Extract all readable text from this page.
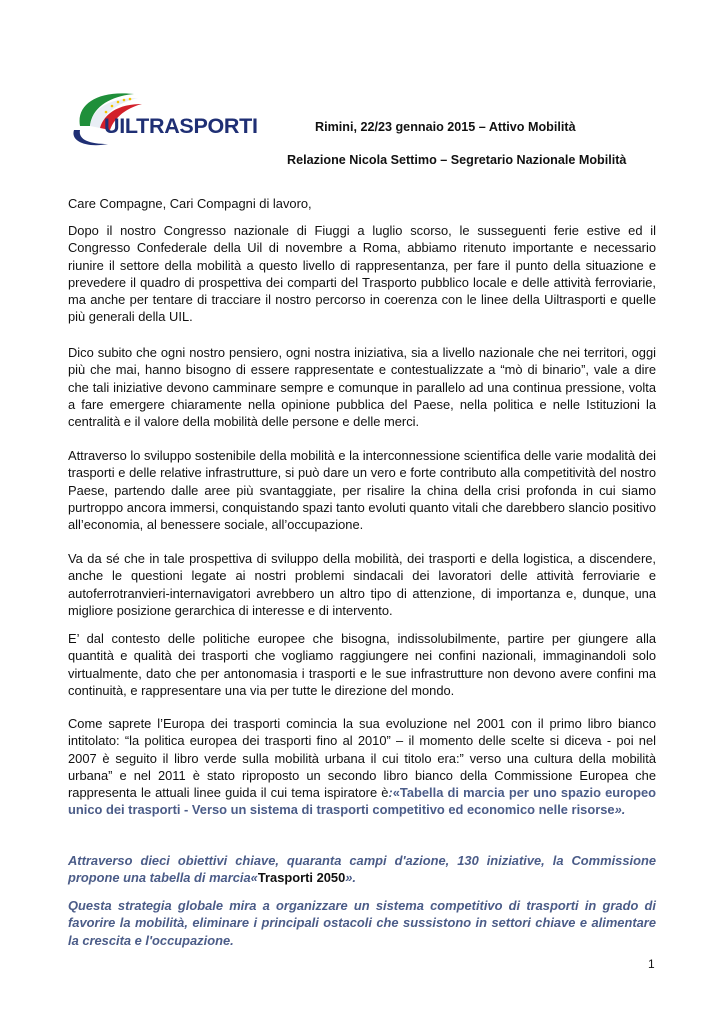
UILTRASPORTI	Rimini, 22/23 gennaio 2015 – Attivo Mobilità
Relazione Nicola Settimo – Segretario Nazionale Mobilità
Care Compagne, Cari Compagni di lavoro,

Dopo il nostro Congresso nazionale di Fiuggi a luglio scorso, le susseguenti ferie estive ed il Congresso Confederale della Uil di novembre a Roma, abbiamo ritenuto importante e necessario riunire il settore della mobilità a questo livello di rappresentanza, per fare il punto della situazione e prevedere il quadro di prospettiva dei comparti del Trasporto pubblico locale e delle attività ferroviarie, ma anche per tentare di tracciare il nostro percorso in coerenza con le linee della Uiltrasporti e quelle più generali della UIL.

Dico subito che ogni nostro pensiero, ogni nostra iniziativa, sia a livello nazionale che nei territori, oggi più che mai, hanno bisogno di essere rappresentate e contestualizzate a “mò di binario”, vale a dire che tali iniziative devono camminare sempre e comunque in parallelo ad una continua pressione, volta a fare emergere chiaramente nella opinione pubblica del Paese, nella politica e nelle Istituzioni la centralità e il valore della mobilità delle persone e delle merci.

Attraverso lo sviluppo sostenibile della mobilità e la interconnessione scientifica delle varie modalità dei trasporti e delle relative infrastrutture, si può dare un vero e forte contributo alla competitività del nostro Paese, partendo dalle aree più svantaggiate, per risalire la china della crisi profonda in cui siamo purtroppo ancora immersi, conquistando spazi tanto evoluti quanto vitali che darebbero slancio positivo all’economia, al benessere sociale, all’occupazione.

Va da sé che in tale prospettiva di sviluppo della mobilità, dei trasporti e della logistica, a discendere, anche le questioni legate ai nostri problemi sindacali dei lavoratori delle attività ferroviarie e autoferrotranvieri-internavigatori avrebbero un altro tipo di attenzione, di importanza e, dunque, una migliore posizione gerarchica di interesse e di intervento.

E’ dal contesto delle politiche europee che bisogna, indissolubilmente, partire per giungere alla quantità e qualità dei trasporti che vogliamo raggiungere nei confini nazionali, immaginandoli solo virtualmente, dato che per antonomasia i trasporti e le sue infrastrutture non devono avere confini ma continuità, e rappresentare una via per tutte le direzione del mondo.

Come saprete l’Europa dei trasporti comincia la sua evoluzione nel 2001 con il primo libro bianco intitolato: “la politica europea dei trasporti fino al 2010” – il momento delle scelte si diceva - poi nel 2007 è seguito il libro verde sulla mobilità urbana il cui titolo era:” verso una cultura della mobilità urbana” e nel 2011 è stato riproposto un secondo libro bianco della Commissione Europea che rappresenta le attuali linee guida il cui tema ispiratore è:«Tabella di marcia per uno spazio europeo unico dei trasporti - Verso un sistema di trasporti competitivo ed economico nelle risorse».

Attraverso dieci obiettivi chiave, quaranta campi d'azione, 130 iniziative, la Commissione propone una tabella di marcia«Trasporti 2050».

Questa strategia globale mira a organizzare un sistema competitivo di trasporti in grado di favorire la mobilità, eliminare i principali ostacoli che sussistono in settori chiave e alimentare la crescita e l'occupazione.

1
